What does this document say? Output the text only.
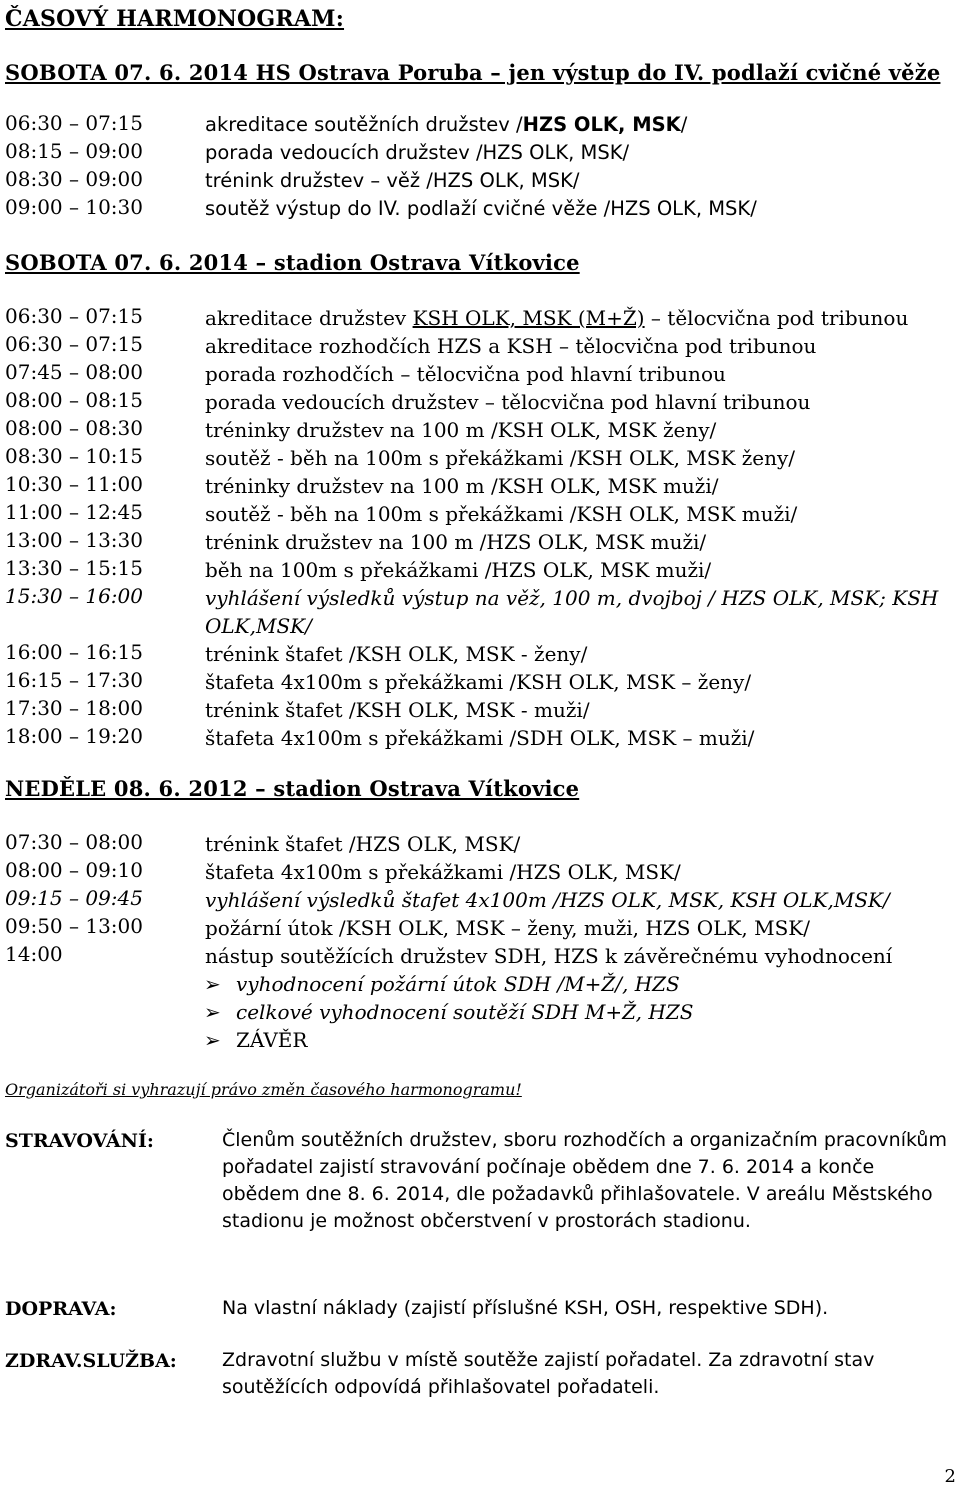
ČASOVÝ HARMONOGRAM:
SOBOTA 07. 6. 2014 HS Ostrava Poruba – jen výstup do IV. podlaží cvičné věže
06:30 – 07:15	akreditace soutěžních družstev /HZS OLK, MSK/
08:15 – 09:00	porada vedoucích družstev /HZS OLK, MSK/
08:30 – 09:00	trénink družstev – věž /HZS OLK, MSK/
09:00 – 10:30	soutěž výstup do IV. podlaží cvičné věže /HZS OLK, MSK/
SOBOTA 07. 6. 2014 – stadion Ostrava Vítkovice
06:30 – 07:15	akreditace družstev KSH OLK, MSK (M+Ž) – tělocvična pod tribunou
06:30 – 07:15	akreditace rozhodčích HZS a KSH – tělocvična pod tribunou
07:45 – 08:00	porada rozhodčích – tělocvična pod hlavní tribunou
08:00 – 08:15	porada vedoucích družstev – tělocvična pod hlavní tribunou
08:00 – 08:30	tréninky družstev na 100 m /KSH OLK, MSK ženy/
08:30 – 10:15	soutěž - běh na 100m s překážkami /KSH OLK, MSK ženy/
10:30 – 11:00	tréninky družstev na 100 m /KSH OLK, MSK muži/
11:00 – 12:45	soutěž - běh na 100m s překážkami /KSH OLK, MSK muži/
13:00 – 13:30	trénink družstev na 100 m /HZS OLK, MSK muži/
13:30 – 15:15	běh na 100m s překážkami /HZS OLK, MSK muži/
15:30 – 16:00	vyhlášení výsledků výstup na věž, 100 m, dvojboj / HZS OLK, MSK; KSH OLK,MSK/
16:00 – 16:15	trénink štafet /KSH OLK, MSK - ženy/
16:15 – 17:30	štafeta 4x100m s překážkami /KSH OLK, MSK – ženy/
17:30 – 18:00	trénink štafet /KSH OLK, MSK - muži/
18:00 – 19:20	štafeta 4x100m s překážkami /SDH OLK, MSK – muži/
NEDĚLE 08. 6. 2012 – stadion Ostrava Vítkovice
07:30 – 08:00	trénink štafet /HZS OLK, MSK/
08:00 – 09:10	štafeta 4x100m s překážkami /HZS OLK, MSK/
09:15 – 09:45	vyhlášení výsledků štafet 4x100m /HZS OLK, MSK, KSH OLK,MSK/
09:50 – 13:00	požární útok /KSH OLK, MSK – ženy, muži, HZS OLK, MSK/
14:00	nástup soutěžících družstev SDH, HZS k závěrečnému vyhodnocení
➢ vyhodnocení požární útok SDH /M+Ž/, HZS
➢ celkové vyhodnocení soutěží SDH M+Ž, HZS
➢ ZÁVĚR
Organizátoři si vyhrazují právo změn časového harmonogramu!
STRAVOVÁNÍ:	Členům soutěžních družstev, sboru rozhodčích a organizačním pracovníkům pořadatel zajistí stravování počínaje obědem dne 7. 6. 2014 a konče obědem dne 8. 6. 2014, dle požadavků přihlašovatele. V areálu Městského stadionu je možnost občerstvení v prostorách stadionu.
DOPRAVA:	Na vlastní náklady (zajistí příslušné KSH, OSH, respektive SDH).
ZDRAV.SLUŽBA: Zdravotní službu v místě soutěže zajistí pořadatel. Za zdravotní stav soutěžících odpovídá přihlašovatel pořadateli.
2
